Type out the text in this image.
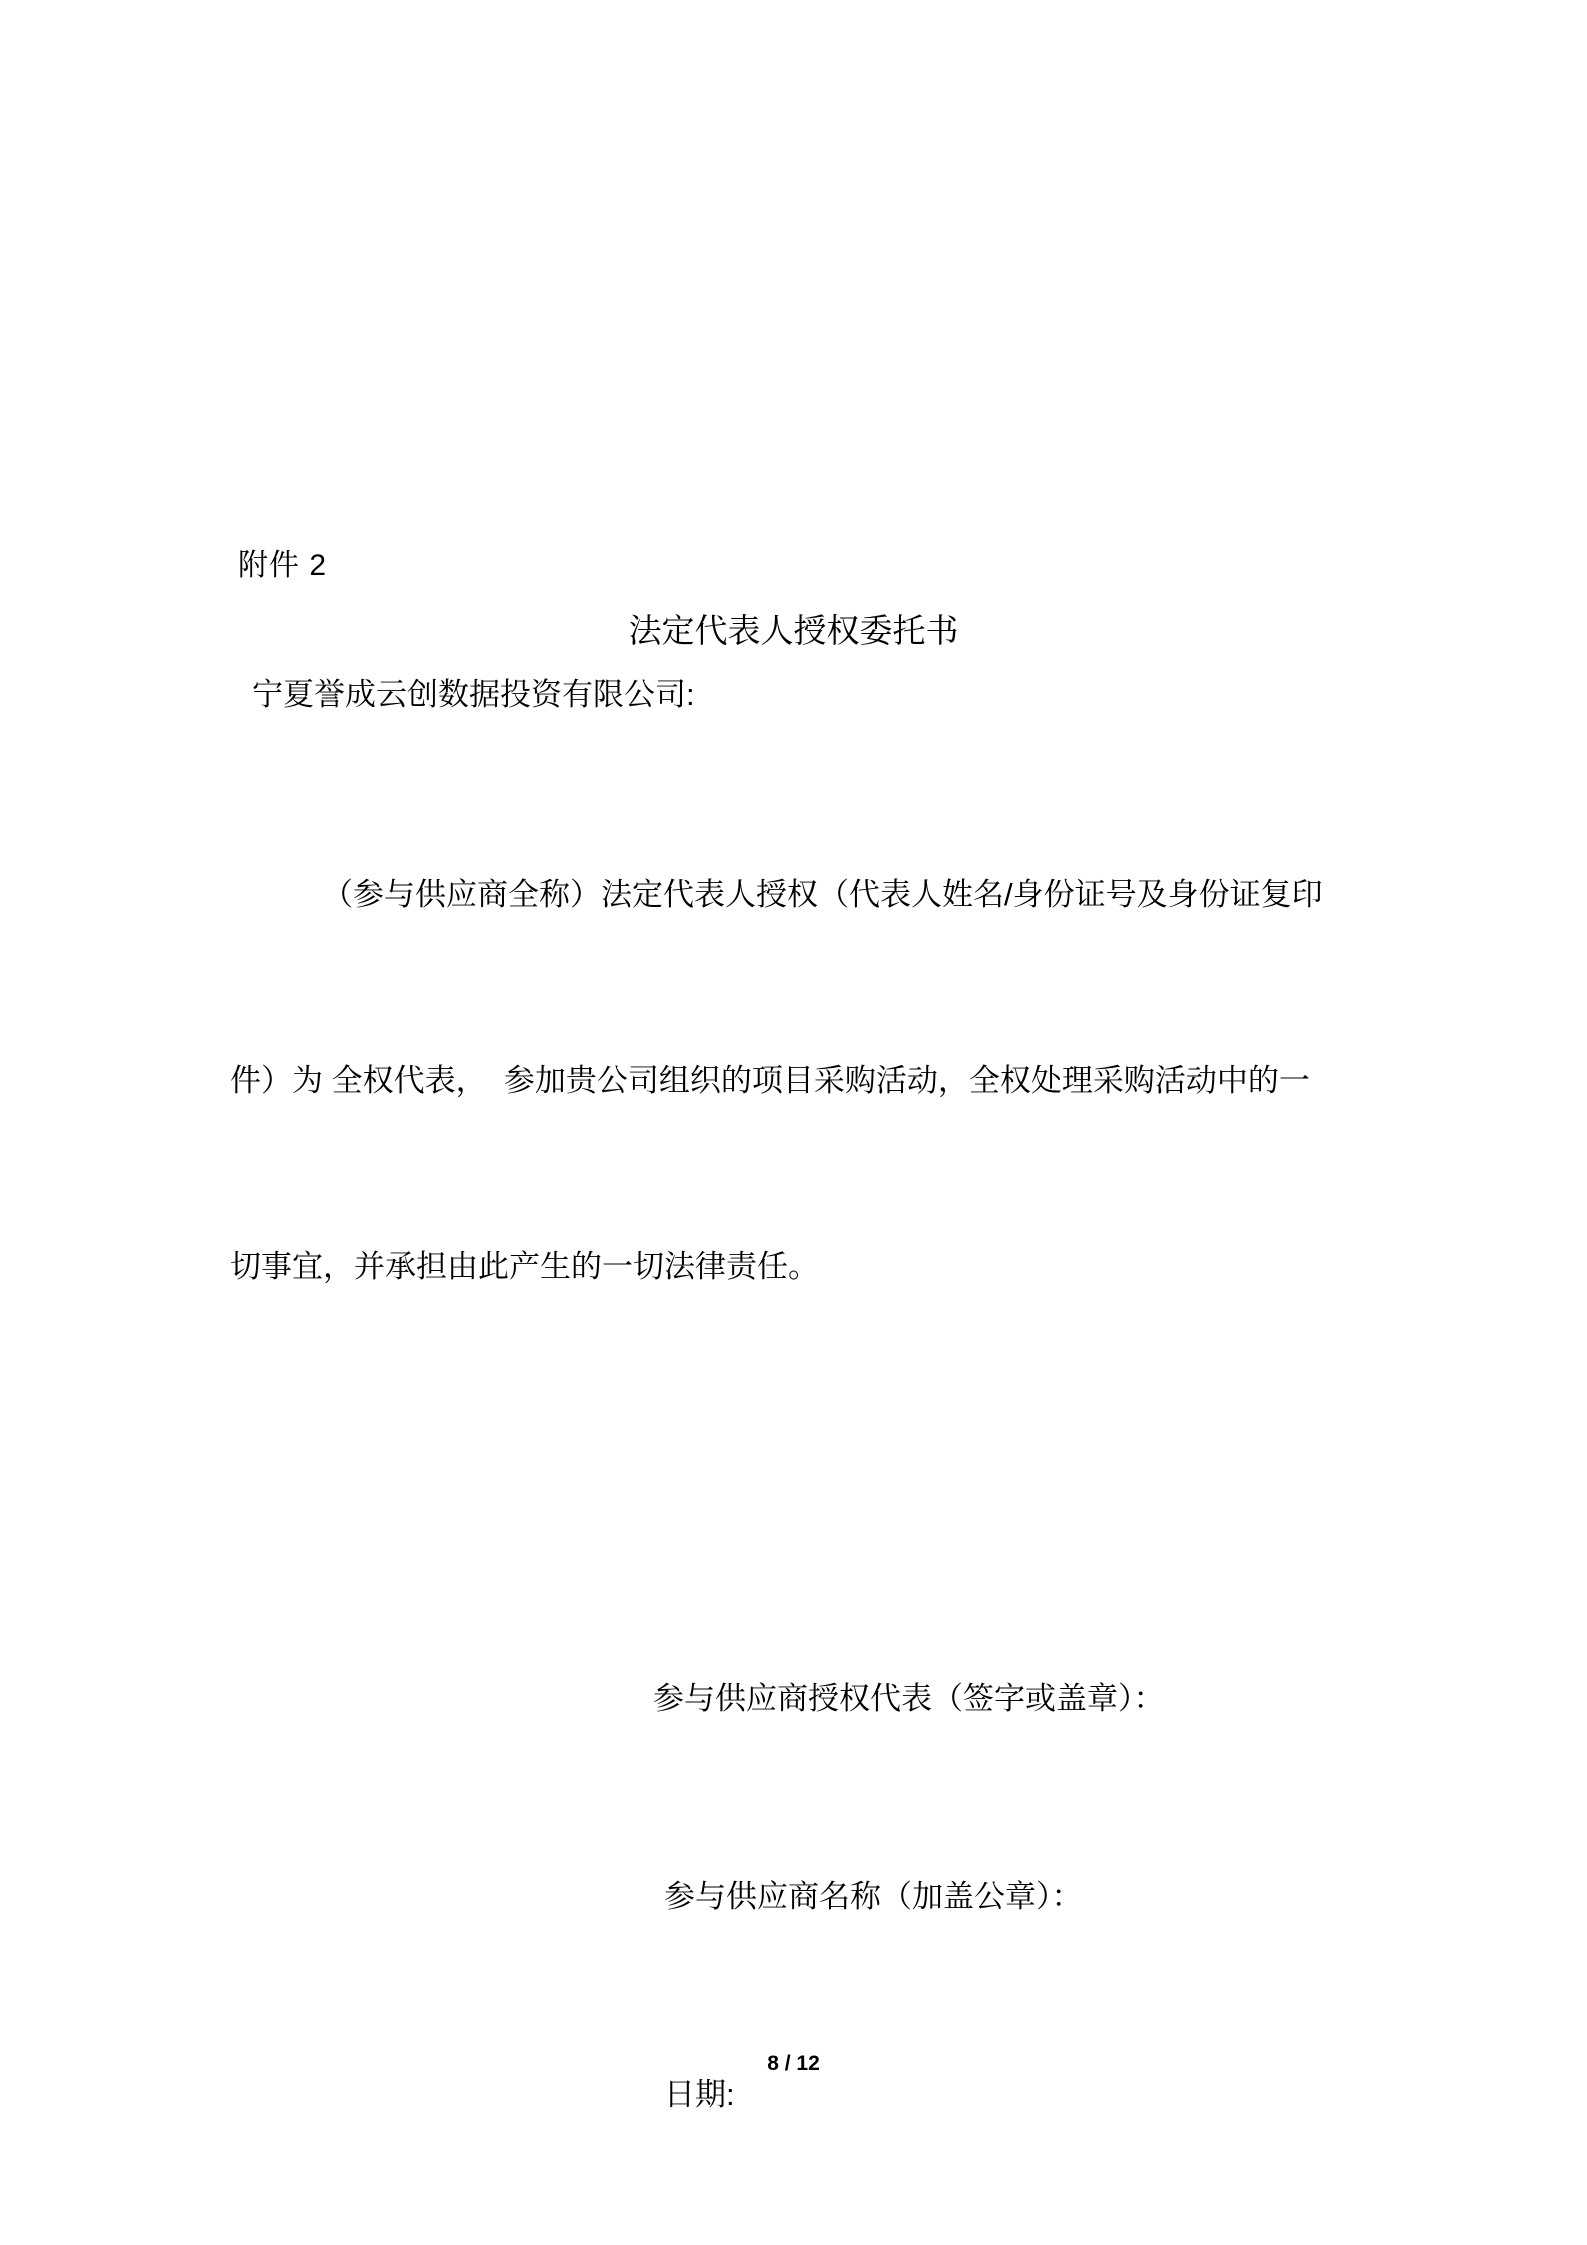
附件 2
法定代表人授权委托书
宁夏誉成云创数据投资有限公司:

（参与供应商全称）法定代表人授权（代表人姓名/身份证号及身份证复印

件）为 全权代表，  参加贵公司组织的项目采购活动，全权处理采购活动中的一

切事宜，并承担由此产生的一切法律责任。

参与供应商授权代表（签字或盖章）：

参与供应商名称（加盖公章）：

日期:

8 / 12
